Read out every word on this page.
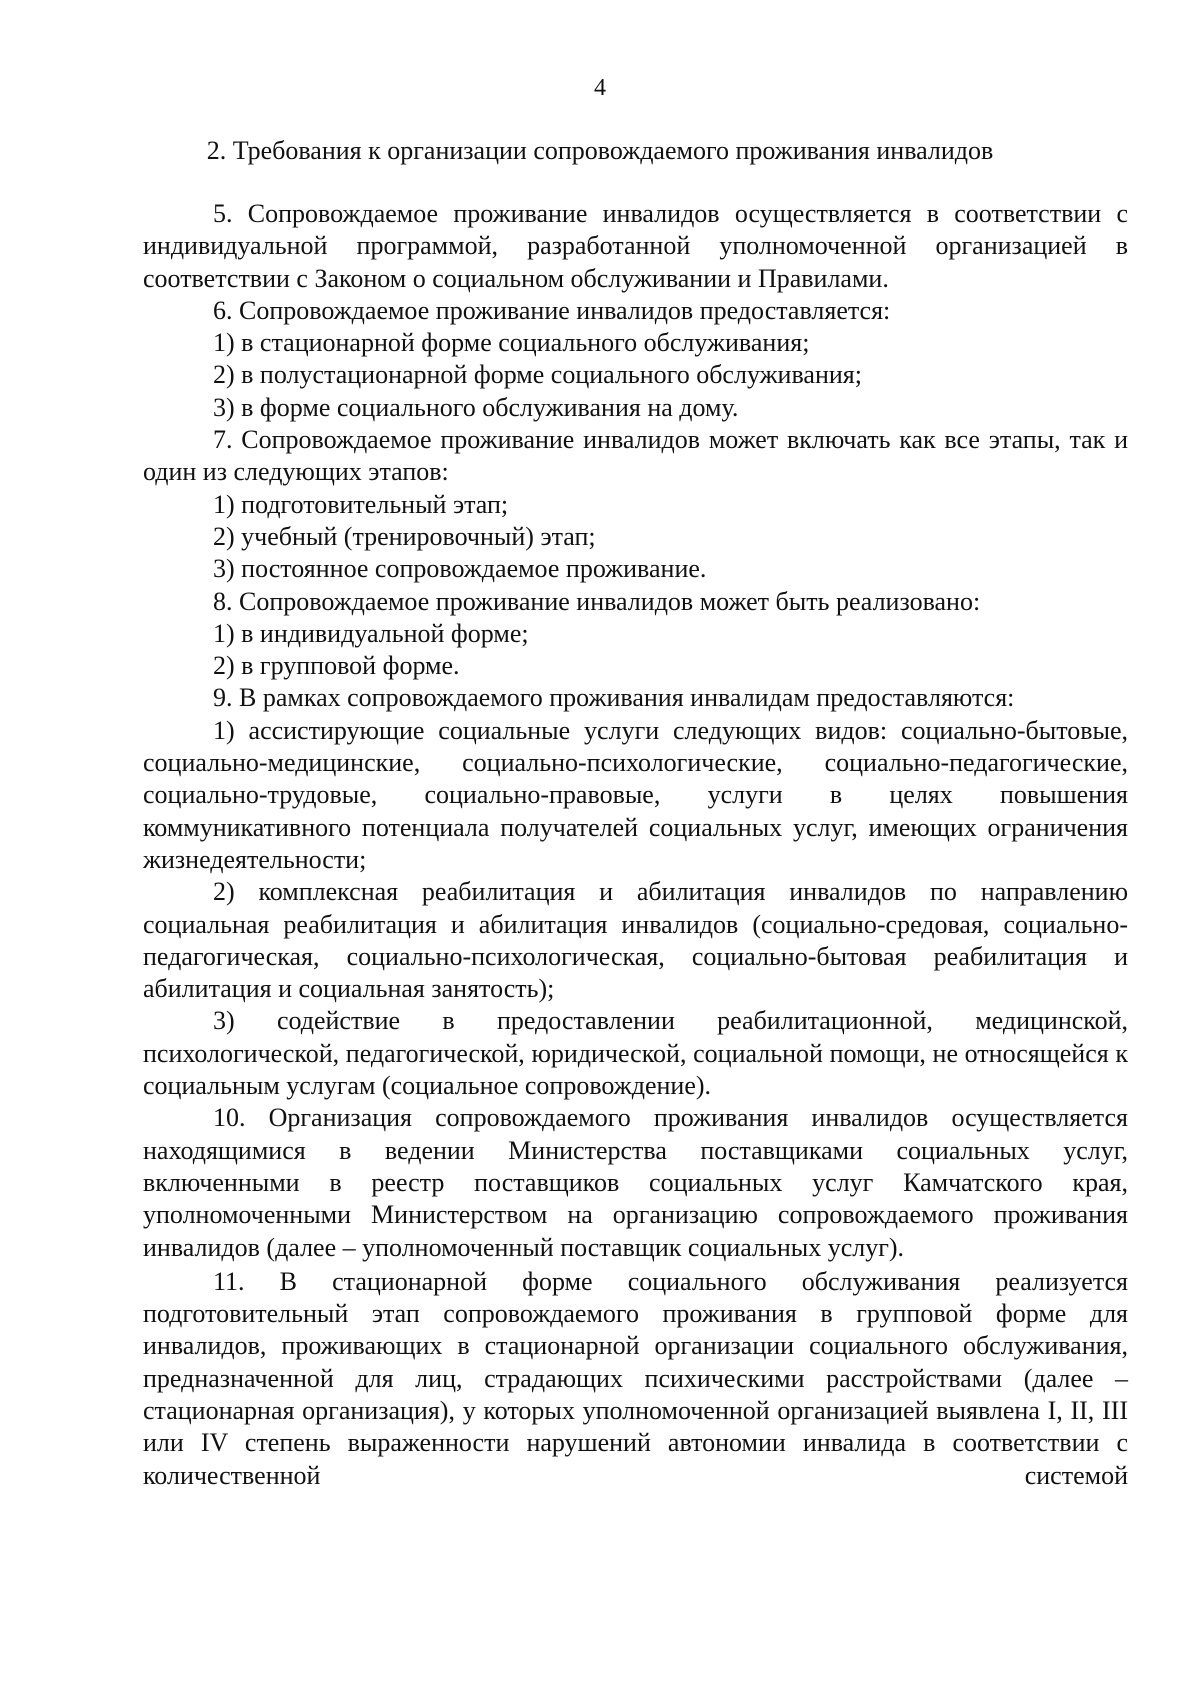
4
2. Требования к организации сопровождаемого проживания инвалидов

5. Сопровождаемое проживание инвалидов осуществляется в соответствии с индивидуальной программой, разработанной уполномоченной организацией в соответствии с Законом о социальном обслуживании и Правилами.

6. Сопровождаемое проживание инвалидов предоставляется:

1) в стационарной форме социального обслуживания;

2) в полустационарной форме социального обслуживания;

3) в форме социального обслуживания на дому.

7. Сопровождаемое проживание инвалидов может включать как все этапы, так и один из следующих этапов:

1) подготовительный этап;

2) учебный (тренировочный) этап;

3) постоянное сопровождаемое проживание.

8. Сопровождаемое проживание инвалидов может быть реализовано:

1) в индивидуальной форме;

2) в групповой форме.

9. В рамках сопровождаемого проживания инвалидам предоставляются:

1) ассистирующие социальные услуги следующих видов: социально-бытовые, социально-медицинские, социально-психологические, социально-педагогические, социально-трудовые, социально-правовые, услуги в целях повышения коммуникативного потенциала получателей социальных услуг, имеющих ограничения жизнедеятельности;

2) комплексная реабилитация и абилитация инвалидов по направлению социальная реабилитация и абилитация инвалидов (социально-средовая, социально-педагогическая, социально-психологическая, социально-бытовая реабилитация и абилитация и социальная занятость);

3) содействие в предоставлении реабилитационной, медицинской, психологической, педагогической, юридической, социальной помощи, не относящейся к социальным услугам (социальное сопровождение).

10. Организация сопровождаемого проживания инвалидов осуществляется находящимися в ведении Министерства поставщиками социальных услуг, включенными в реестр поставщиков социальных услуг Камчатского края, уполномоченными Министерством на организацию сопровождаемого проживания инвалидов (далее – уполномоченный поставщик социальных услуг).

11. В стационарной форме социального обслуживания реализуется подготовительный этап сопровождаемого проживания в групповой форме для инвалидов, проживающих в стационарной организации социального обслуживания, предназначенной для лиц, страдающих психическими расстройствами (далее – стационарная организация), у которых уполномоченной организацией выявлена I, II, III или IV степень выраженности нарушений автономии инвалида в соответствии с количественной системой
